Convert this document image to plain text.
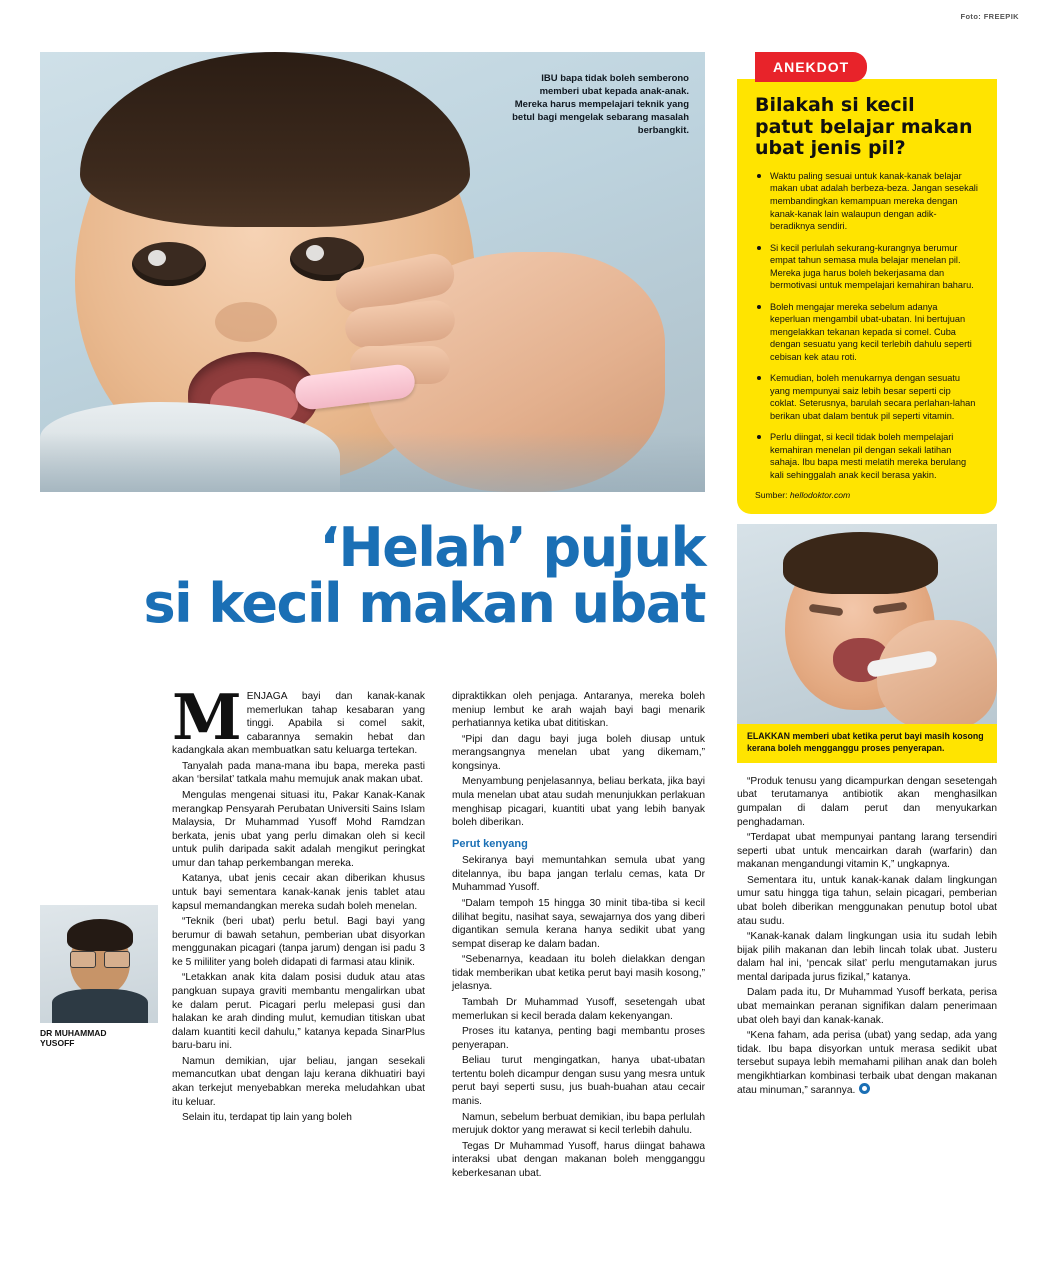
Foto: FREEPIK
IBU bapa tidak boleh semberono memberi ubat kepada anak-anak. Mereka harus mempelajari teknik yang betul bagi mengelak sebarang masalah berbangkit.
‘Helah’ pujuk
si kecil makan ubat
DR MUHAMMAD
YUSOFF

MENJAGA bayi dan kanak-kanak memerlukan tahap kesabaran yang tinggi. Apabila si comel sakit, cabarannya semakin hebat dan kadangkala akan membuatkan satu keluarga tertekan.

Tanyalah pada mana-mana ibu bapa, mereka pasti akan ‘bersilat’ tatkala mahu memujuk anak makan ubat.

Mengulas mengenai situasi itu, Pakar Kanak-Kanak merangkap Pensyarah Perubatan Universiti Sains Islam Malaysia, Dr Muhammad Yusoff Mohd Ramdzan berkata, jenis ubat yang perlu dimakan oleh si kecil untuk pulih daripada sakit adalah mengikut peringkat umur dan tahap perkembangan mereka.

Katanya, ubat jenis cecair akan diberikan khusus untuk bayi sementara kanak-kanak jenis tablet atau kapsul memandangkan mereka sudah boleh menelan.

“Teknik (beri ubat) perlu betul. Bagi bayi yang berumur di bawah setahun, pemberian ubat disyorkan menggunakan picagari (tanpa jarum) dengan isi padu 3 ke 5 mililiter yang boleh didapati di farmasi atau klinik.

“Letakkan anak kita dalam posisi duduk atau atas pangkuan supaya graviti membantu mengalirkan ubat ke dalam perut. Picagari perlu melepasi gusi dan halakan ke arah dinding mulut, kemudian titiskan ubat dalam kuantiti kecil dahulu,” katanya kepada SinarPlus baru-baru ini.

Namun demikian, ujar beliau, jangan sesekali memancutkan ubat dengan laju kerana dikhuatiri bayi akan terkejut menyebabkan mereka meludahkan ubat itu keluar.

Selain itu, terdapat tip lain yang boleh

dipraktikkan oleh penjaga. Antaranya, mereka boleh meniup lembut ke arah wajah bayi bagi menarik perhatiannya ketika ubat dititiskan.

“Pipi dan dagu bayi juga boleh diusap untuk merangsangnya menelan ubat yang dikemam,” kongsinya.

Menyambung penjelasannya, beliau berkata, jika bayi mula menelan ubat atau sudah menunjukkan perlakuan menghisap picagari, kuantiti ubat yang lebih banyak boleh diberikan.

Perut kenyang

Sekiranya bayi memuntahkan semula ubat yang ditelannya, ibu bapa jangan terlalu cemas, kata Dr Muhammad Yusoff.

“Dalam tempoh 15 hingga 30 minit tiba-tiba si kecil dilihat begitu, nasihat saya, sewajarnya dos yang diberi digantikan semula kerana hanya sedikit ubat yang sempat diserap ke dalam badan.

“Sebenarnya, keadaan itu boleh dielakkan dengan tidak memberikan ubat ketika perut bayi masih kosong,” jelasnya.

Tambah Dr Muhammad Yusoff, sesetengah ubat memerlukan si kecil berada dalam kekenyangan.

Proses itu katanya, penting bagi membantu proses penyerapan.

Beliau turut mengingatkan, hanya ubat-ubatan tertentu boleh dicampur dengan susu yang mesra untuk perut bayi seperti susu, jus buah-buahan atau cecair manis.

Namun, sebelum berbuat demikian, ibu bapa perlulah merujuk doktor yang merawat si kecil terlebih dahulu.

Tegas Dr Muhammad Yusoff, harus diingat bahawa interaksi ubat dengan makanan boleh mengganggu keberkesanan ubat.

ANEKDOT
Bilakah si kecil
patut belajar makan
ubat jenis pil?
Waktu paling sesuai untuk kanak-kanak belajar makan ubat adalah berbeza-beza. Jangan sesekali membandingkan kemampuan mereka dengan kanak-kanak lain walaupun dengan adik-beradiknya sendiri.
Si kecil perlulah sekurang-kurangnya berumur empat tahun semasa mula belajar menelan pil. Mereka juga harus boleh bekerjasama dan bermotivasi untuk mempelajari kemahiran baharu.
Boleh mengajar mereka sebelum adanya keperluan mengambil ubat-ubatan. Ini bertujuan mengelakkan tekanan kepada si comel. Cuba dengan sesuatu yang kecil terlebih dahulu seperti cebisan kek atau roti.
Kemudian, boleh menukarnya dengan sesuatu yang mempunyai saiz lebih besar seperti cip coklat. Seterusnya, barulah secara perlahan-lahan berikan ubat dalam bentuk pil seperti vitamin.
Perlu diingat, si kecil tidak boleh mempelajari kemahiran menelan pil dengan sekali latihan sahaja. Ibu bapa mesti melatih mereka berulang kali sehinggalah anak kecil berasa yakin.
Sumber: hellodoktor.com
ELAKKAN memberi ubat ketika perut bayi masih kosong kerana boleh mengganggu proses penyerapan.

“Produk tenusu yang dicampurkan dengan sesetengah ubat terutamanya antibiotik akan menghasilkan gumpalan di dalam perut dan menyukarkan penghadaman.

“Terdapat ubat mempunyai pantang larang tersendiri seperti ubat untuk mencairkan darah (warfarin) dan makanan mengandungi vitamin K,” ungkapnya.

Sementara itu, untuk kanak-kanak dalam lingkungan umur satu hingga tiga tahun, selain picagari, pemberian ubat boleh diberikan menggunakan penutup botol ubat atau sudu.

“Kanak-kanak dalam lingkungan usia itu sudah lebih bijak pilih makanan dan lebih lincah tolak ubat. Justeru dalam hal ini, ‘pencak silat’ perlu mengutamakan jurus mental daripada jurus fizikal,” katanya.

Dalam pada itu, Dr Muhammad Yusoff berkata, perisa ubat memainkan peranan signifikan dalam penerimaan ubat oleh bayi dan kanak-kanak.

“Kena faham, ada perisa (ubat) yang sedap, ada yang tidak. Ibu bapa disyorkan untuk merasa sedikit ubat tersebut supaya lebih memahami pilihan anak dan boleh mengikhtiarkan kombinasi terbaik ubat dengan makanan atau minuman,” sarannya.
